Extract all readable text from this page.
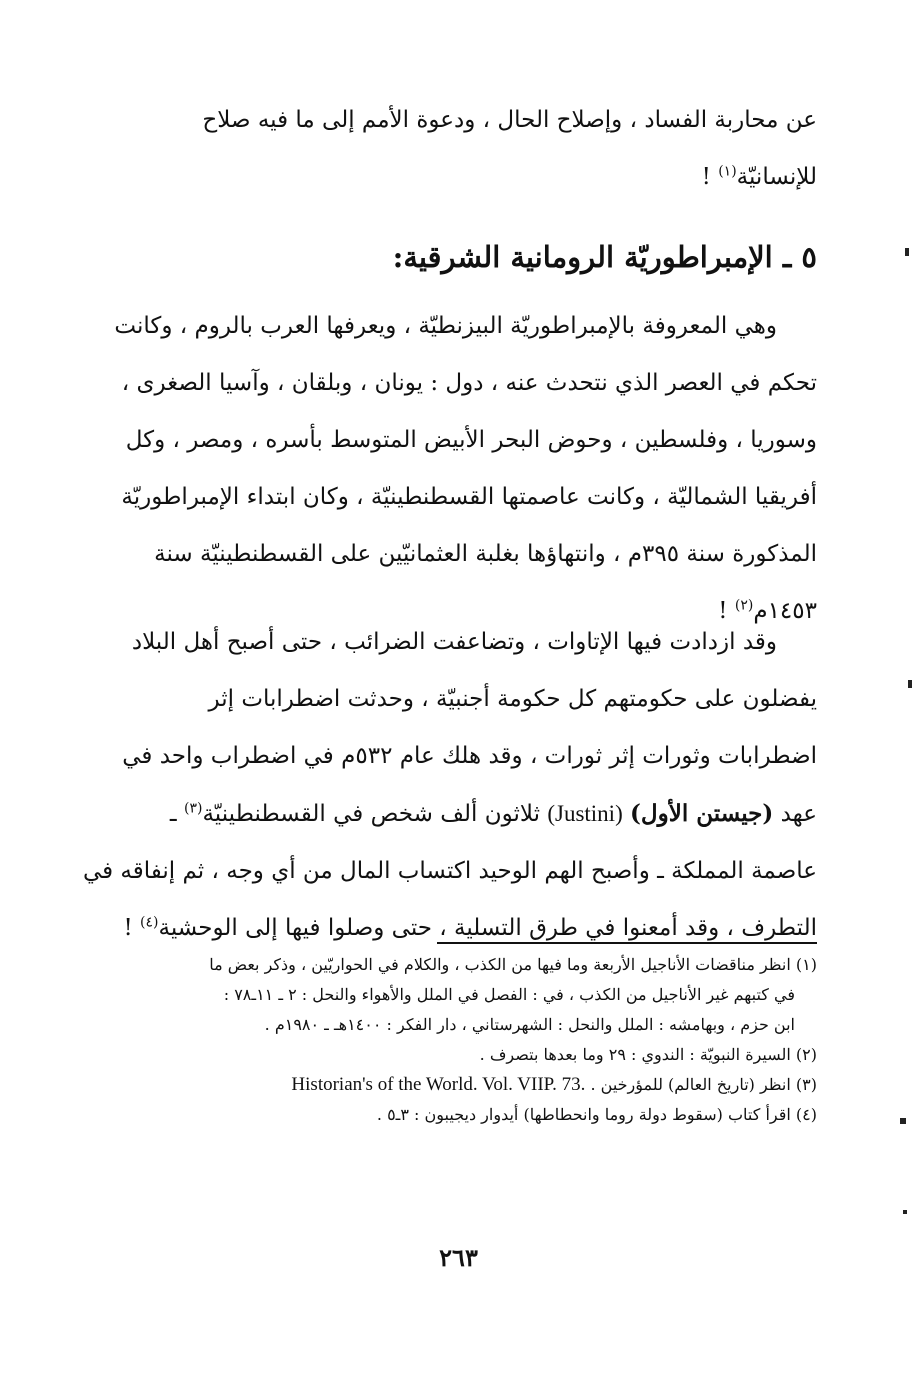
عن محاربة الفساد ، وإصلاح الحال ، ودعوة الأمم إلى ما فيه صلاح
للإنسانيّة$^{(١)}$ !
٥ ـ الإمبراطوريّة الرومانية الشرقية:
وهي المعروفة بالإمبراطوريّة البيزنطيّة ، ويعرفها العرب بالروم ، وكانت
تحكم في العصر الذي نتحدث عنه ، دول : يونان ، وبلقان ، وآسيا الصغرى ،
وسوريا ، وفلسطين ، وحوض البحر الأبيض المتوسط بأسره ، ومصر ، وكل
أفريقيا الشماليّة ، وكانت عاصمتها القسطنطينيّة ، وكان ابتداء الإمبراطوريّة
المذكورة سنة ٣٩٥م ، وانتهاؤها بغلبة العثمانيّين على القسطنطينيّة سنة
١٤٥٣م$^{(٢)}$ !
وقد ازدادت فيها الإتاوات ، وتضاعفت الضرائب ، حتى أصبح أهل البلاد
يفضلون على حكومتهم كل حكومة أجنبيّة ، وحدثت اضطرابات إثر
اضطرابات وثورات إثر ثورات ، وقد هلك عام ٥٣٢م في اضطراب واحد في
عهد (جيستن الأول) (Justini) ثلاثون ألف شخص في القسطنطينيّة$^{(٣)}$ ـ
عاصمة المملكة ـ وأصبح الهم الوحيد اكتساب المال من أي وجه ، ثم إنفاقه في
التطرف ، وقد أمعنوا في طرق التسلية ، حتى وصلوا فيها إلى الوحشية$^{(٤)}$ !

(١) انظر مناقضات الأناجيل الأربعة وما فيها من الكذب ، والكلام في الحواريّين ، وذكر بعض ما

في كتبهم غير الأناجيل من الكذب ، في : الفصل في الملل والأهواء والنحل : ٢ ـ ١١ـ٧٨ :

ابن حزم ، وبهامشه : الملل والنحل : الشهرستاني ، دار الفكر : ١٤٠٠هـ ـ ١٩٨٠م .

(٢) السيرة النبويّة : الندوي : ٢٩ وما بعدها بتصرف .

(٣) انظر (تاريخ العالم) للمؤرخين . Historian's of the World. Vol. VIIP. 73.

(٤) اقرأ كتاب (سقوط دولة روما وانحطاطها) أيدوار ديجيبون : ٣ـ٥ .

٢٦٣
